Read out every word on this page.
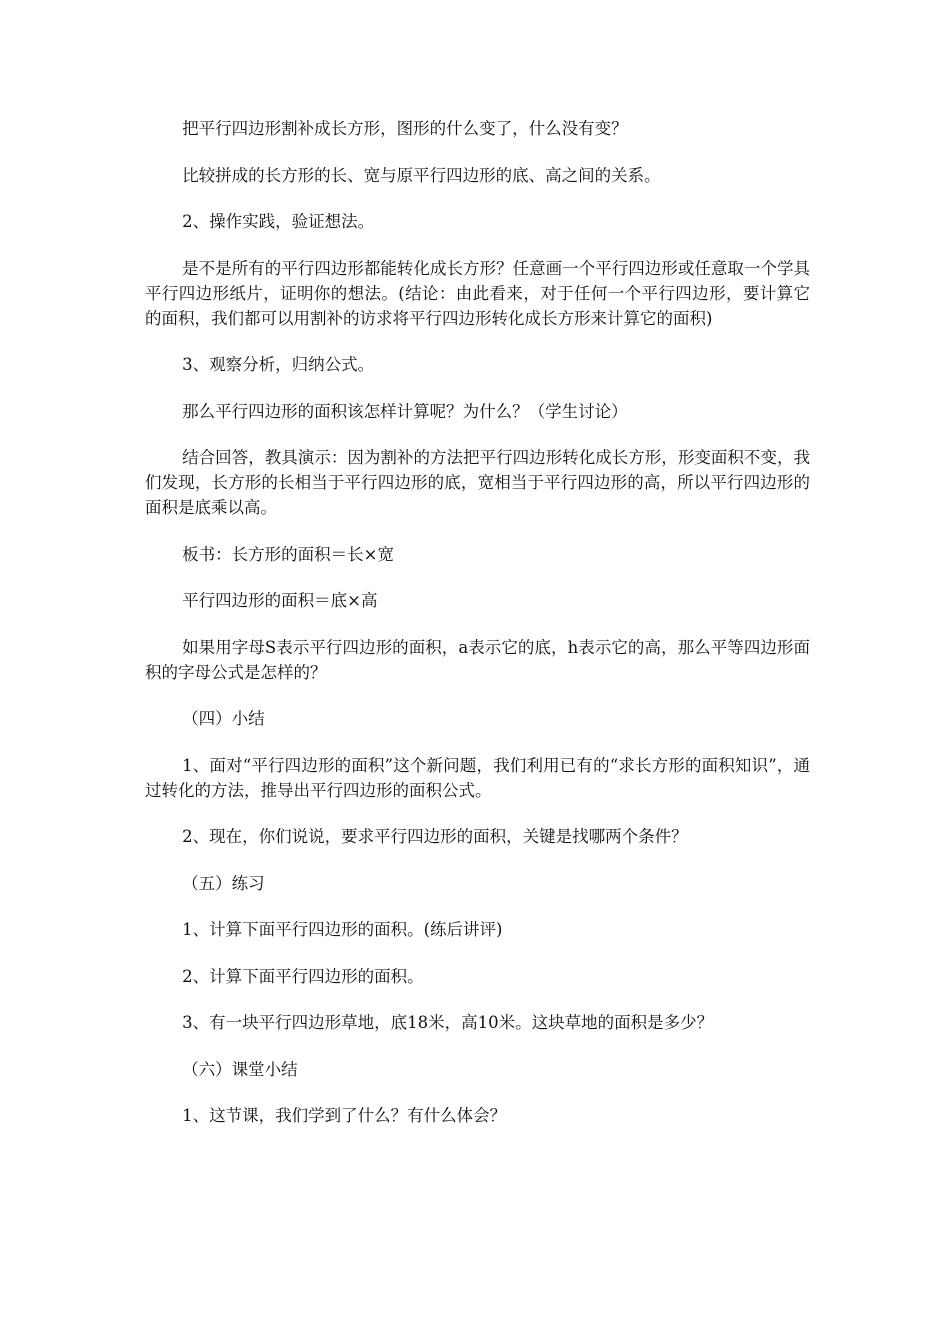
把平行四边形割补成长方形，图形的什么变了，什么没有变？

比较拼成的长方形的长、宽与原平行四边形的底、高之间的关系。

2、操作实践，验证想法。

是不是所有的平行四边形都能转化成长方形？任意画一个平行四边形或任意取一个学具平行四边形纸片，证明你的想法。(结论：由此看来，对于任何一个平行四边形，要计算它的面积，我们都可以用割补的访求将平行四边形转化成长方形来计算它的面积)

3、观察分析，归纳公式。

那么平行四边形的面积该怎样计算呢？为什么？（学生讨论）

结合回答，教具演示：因为割补的方法把平行四边形转化成长方形，形变面积不变，我们发现，长方形的长相当于平行四边形的底，宽相当于平行四边形的高，所以平行四边形的面积是底乘以高。

板书：长方形的面积＝长×宽

平行四边形的面积＝底×高

如果用字母S表示平行四边形的面积，a表示它的底，h表示它的高，那么平等四边形面积的字母公式是怎样的？

（四）小结

1、面对“平行四边形的面积”这个新问题，我们利用已有的“求长方形的面积知识”，通过转化的方法，推导出平行四边形的面积公式。

2、现在，你们说说，要求平行四边形的面积，关键是找哪两个条件？

（五）练习

1、计算下面平行四边形的面积。(练后讲评)

2、计算下面平行四边形的面积。

3、有一块平行四边形草地，底18米，高10米。这块草地的面积是多少？

（六）课堂小结

1、这节课，我们学到了什么？有什么体会？
